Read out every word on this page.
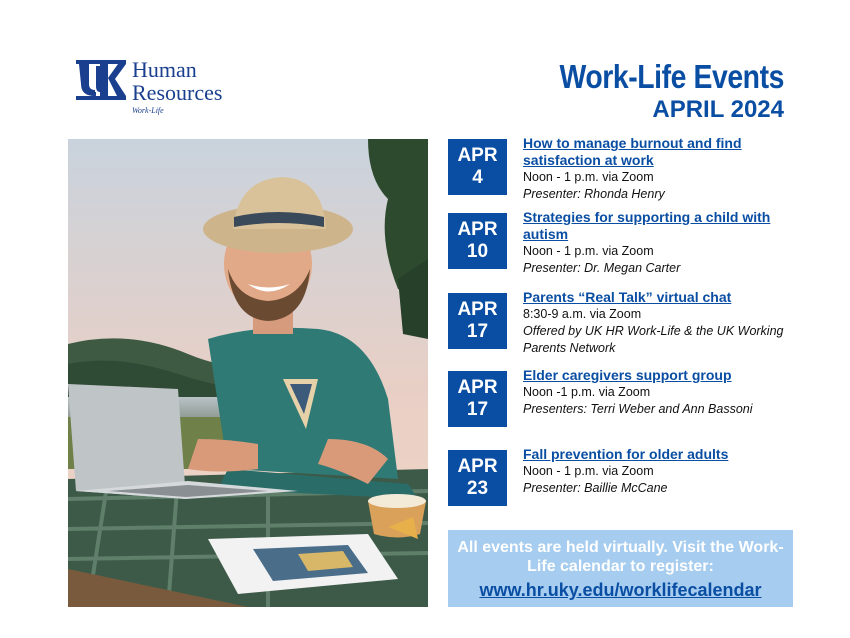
Human
Resources
Work-Life
Work-Life Events
APRIL 2024
APR
4
How to manage burnout and find satisfaction at work
Noon - 1 p.m. via Zoom
Presenter: Rhonda Henry
APR
10
Strategies for supporting a child with autism
Noon - 1 p.m. via Zoom
Presenter: Dr. Megan Carter
APR
17
Parents “Real Talk” virtual chat
8:30-9 a.m. via Zoom
Offered by UK HR Work-Life & the UK Working Parents Network
APR
17
Elder caregivers support group
Noon -1 p.m. via Zoom
Presenters: Terri Weber and Ann Bassoni
APR
23
Fall prevention for older adults
Noon - 1 p.m. via Zoom
Presenter: Baillie McCane
All events are held virtually. Visit the Work-Life calendar to register:
www.hr.uky.edu/worklifecalendar
